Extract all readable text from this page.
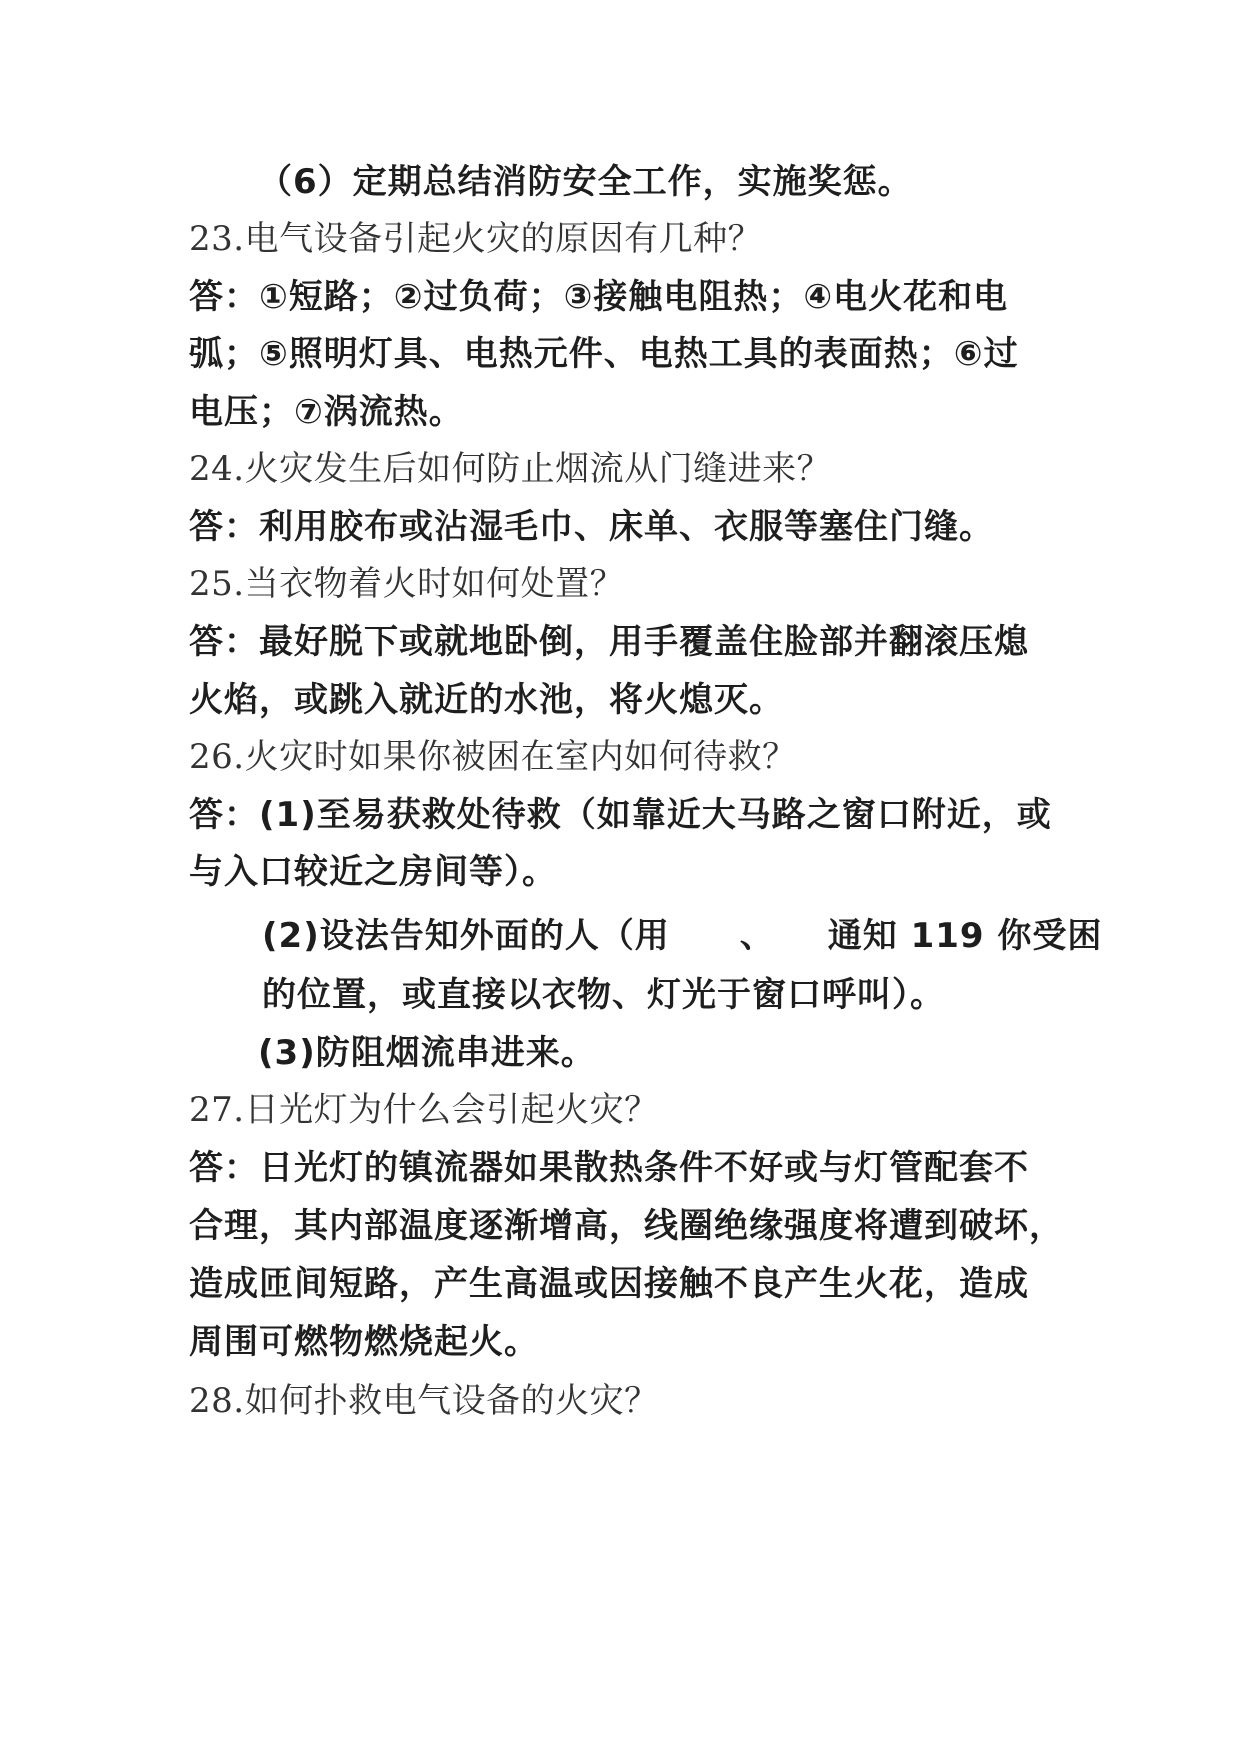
（6）定期总结消防安全工作，实施奖惩。
23.电气设备引起火灾的原因有几种？
答：①短路；②过负荷；③接触电阻热；④电火花和电
弧；⑤照明灯具、电热元件、电热工具的表面热；⑥过
电压；⑦涡流热。
24.火灾发生后如何防止烟流从门缝进来？
答：利用胶布或沾湿毛巾、床单、衣服等塞住门缝。
25.当衣物着火时如何处置？
答：最好脱下或就地卧倒，用手覆盖住脸部并翻滚压熄
火焰，或跳入就近的水池，将火熄灭。
26.火灾时如果你被困在室内如何待救？
答：(1)至易获救处待救（如靠近大马路之窗口附近，或
与入口较近之房间等）。
(2)设法告知外面的人（用　　、　　通知 119 你受困
的位置，或直接以衣物、灯光于窗口呼叫）。
(3)防阻烟流串进来。
27.日光灯为什么会引起火灾？
答：日光灯的镇流器如果散热条件不好或与灯管配套不
合理，其内部温度逐渐增高，线圈绝缘强度将遭到破坏，
造成匝间短路，产生高温或因接触不良产生火花，造成
周围可燃物燃烧起火。
28.如何扑救电气设备的火灾？
